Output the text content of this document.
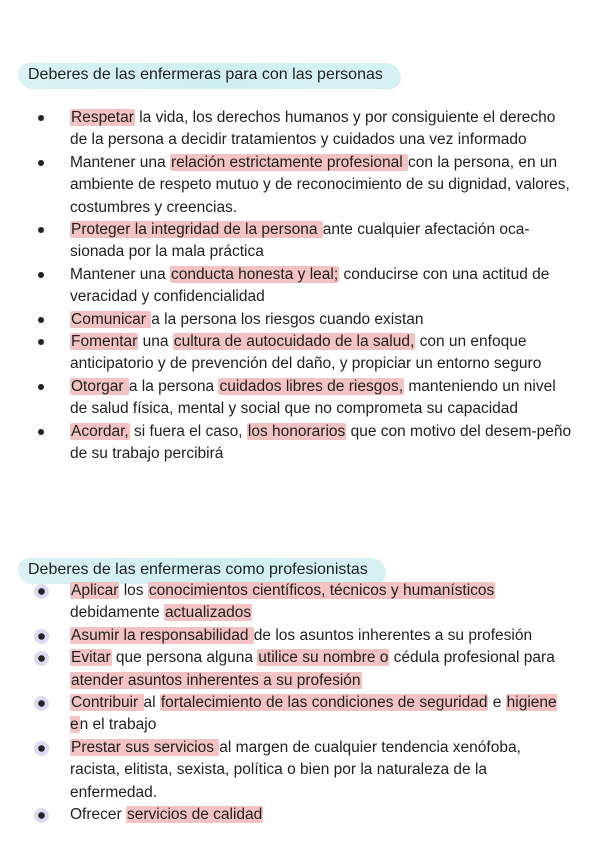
Deberes de las enfermeras para con las personas
Respetar la vida, los derechos humanos y por consiguiente el derecho de la persona a decidir tratamientos y cuidados una vez informado
Mantener una relación estrictamente profesional con la persona, en un ambiente de respeto mutuo y de reconocimiento de su dignidad, valores, costumbres y creencias.
Proteger la integridad de la persona ante cualquier afectación oca-sionada por la mala práctica
Mantener una conducta honesta y leal; conducirse con una actitud de veracidad y confidencialidad
Comunicar a la persona los riesgos cuando existan
Fomentar una cultura de autocuidado de la salud, con un enfoque anticipatorio y de prevención del daño, y propiciar un entorno seguro
Otorgar a la persona cuidados libres de riesgos, manteniendo un nivel de salud física, mental y social que no comprometa su capacidad
Acordar, si fuera el caso, los honorarios que con motivo del desem-peño de su trabajo percibirá
Deberes de las enfermeras como profesionistas
Aplicar los conocimientos científicos, técnicos y humanísticos debidamente actualizados
Asumir la responsabilidad de los asuntos inherentes a su profesión
Evitar que persona alguna utilice su nombre o cédula profesional para atender asuntos inherentes a su profesión
Contribuir al fortalecimiento de las condiciones de seguridad e higiene en el trabajo
Prestar sus servicios al margen de cualquier tendencia xenófoba, racista, elitista, sexista, política o bien por la naturaleza de la enfermedad.
Ofrecer servicios de calidad
